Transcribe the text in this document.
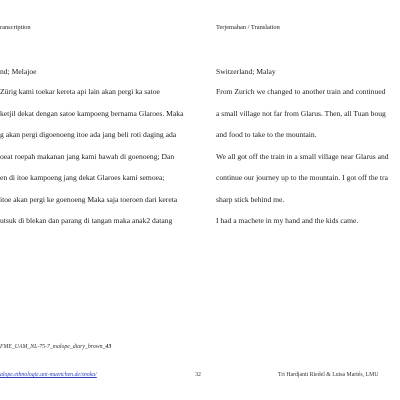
ranscription	Terjemahan / Translation
nd; Melajoe
Zürig kami toekar kereta api lain akan pergi ka satoe
ketjil dekat dengan satoe kampoeng bernama Glaroes. Maka
g akan pergi digoenoeng itoe ada jang beli roti daging ada
oeat roepah makanan jang kami bawah di goenoeng; Dan
en di itoe kampoeng jang dekat Glaroes kami semoea;
itoe akan pergi ke goenoeng Maka saja toeroen dari kereta
utsuk di blekan dan parang di tangan maka anak2 datang
Switzerland; Malay
From Zurich we changed to another train and continued
a small village not far from Glarus. Then, all Tuan boug
and food to take to the mountain.
We all got off the train in a small village near Glarus and
continue our journey up to the mountain. I got off the tra
sharp stick behind me.
I had a machete in my hand and the kids came.
FME_UAM_NL-75-7_malope_diary_brown_43
alope.ethnologie.uni-muenchen.de/snoka/	32	Tri Hardjanti Riedel & Luisa Martés, LMU
